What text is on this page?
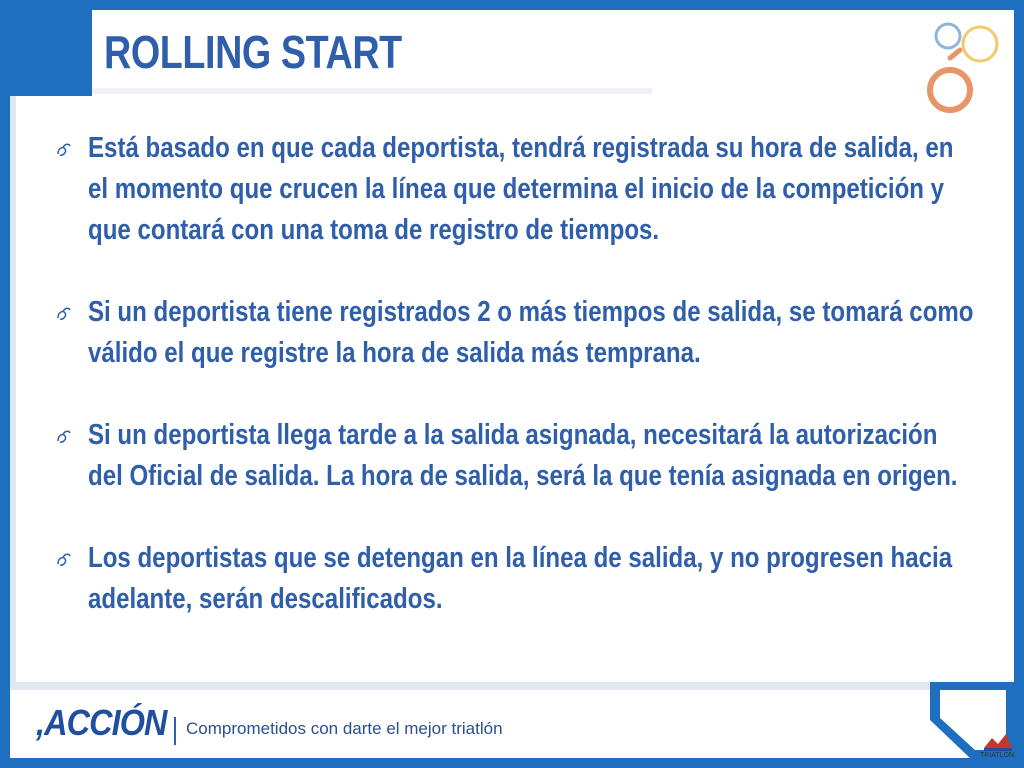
ROLLING START
Está basado en que cada deportista, tendrá registrada su hora de salida, en el momento que crucen la línea que determina el inicio de la competición y que contará con una toma de registro de tiempos.
Si un deportista tiene registrados 2 o más tiempos de salida, se tomará como válido el que registre la hora de salida más temprana.
Si un deportista llega tarde a la salida asignada, necesitará la autorización del Oficial de salida. La hora de salida, será la que tenía asignada en origen.
Los deportistas que se detengan en la línea de salida, y no progresen hacia adelante, serán descalificados.
,ACCIÓN Comprometidos con darte el mejor triatlón
TRIATLÓN
